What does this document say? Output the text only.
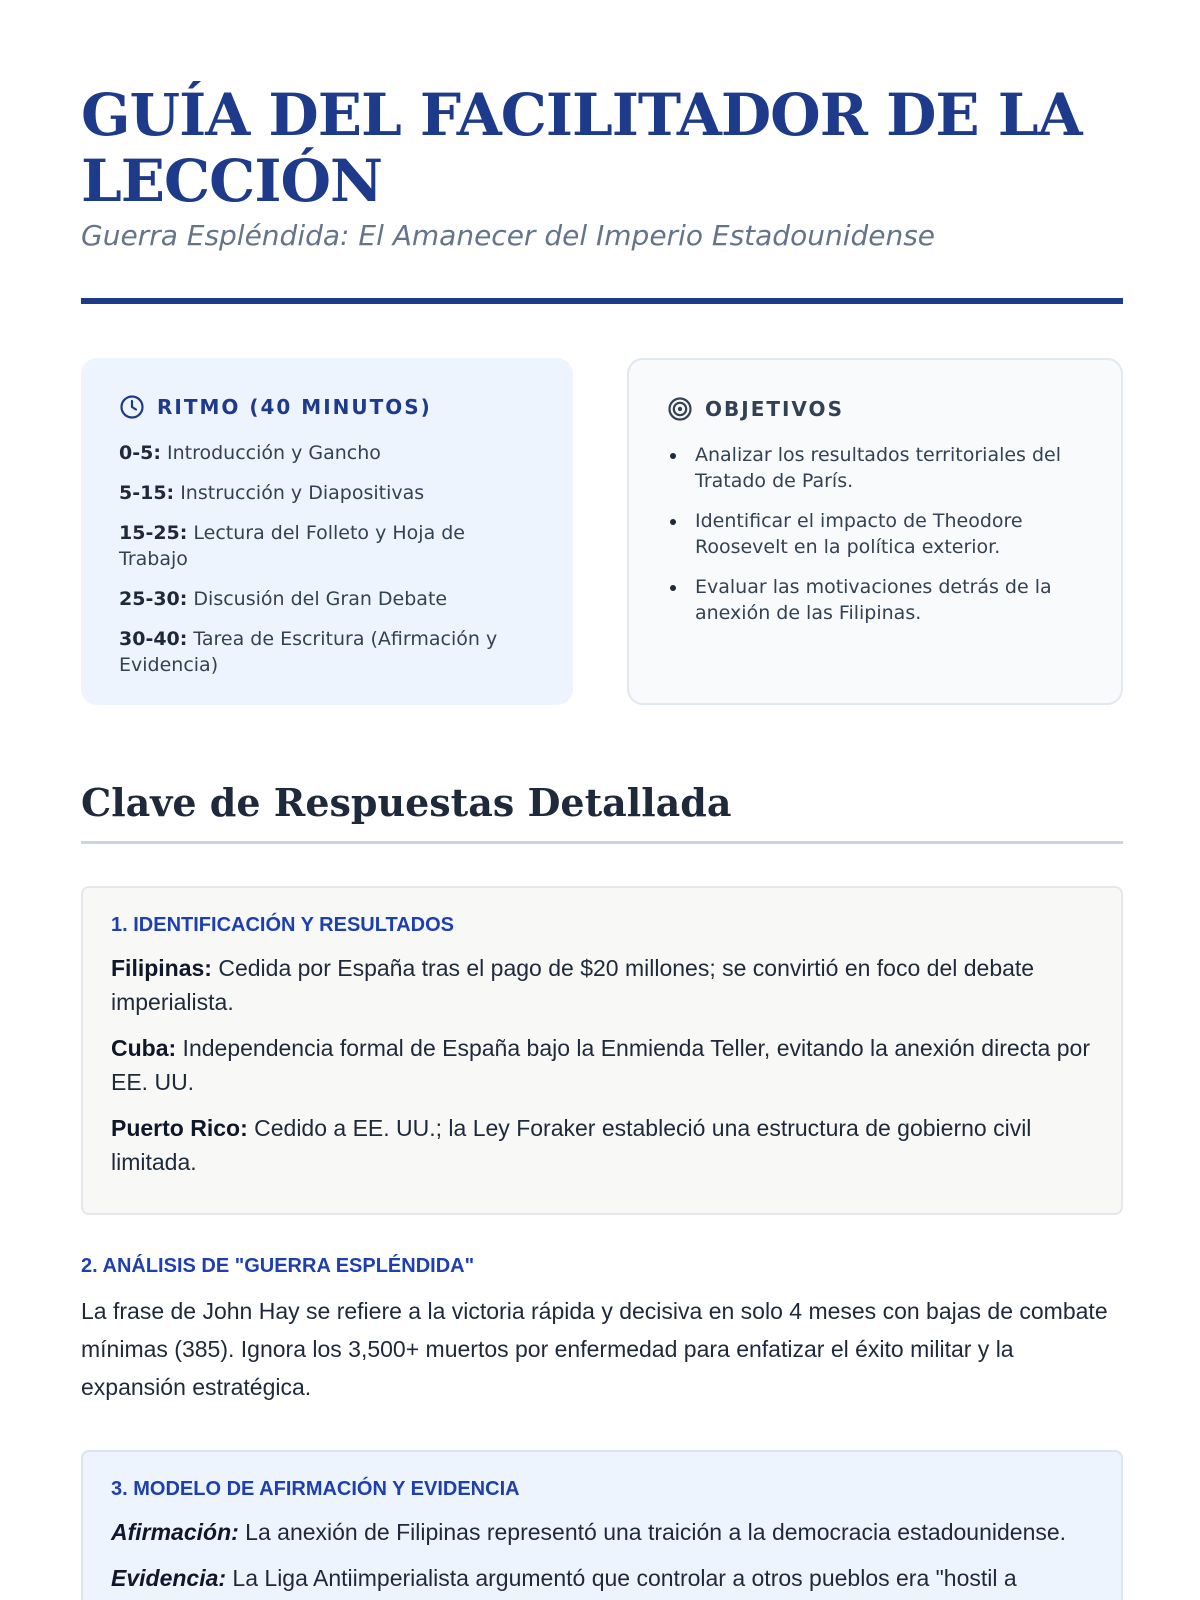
GUÍA DEL FACILITADOR DE LA LECCIÓN
Guerra Espléndida: El Amanecer del Imperio Estadounidense
RITMO (40 MINUTOS)
0-5: Introducción y Gancho
5-15: Instrucción y Diapositivas
15-25: Lectura del Folleto y Hoja de Trabajo
25-30: Discusión del Gran Debate
30-40: Tarea de Escritura (Afirmación y Evidencia)
OBJETIVOS
Analizar los resultados territoriales del Tratado de París.
Identificar el impacto de Theodore Roosevelt en la política exterior.
Evaluar las motivaciones detrás de la anexión de las Filipinas.
Clave de Respuestas Detallada
1. IDENTIFICACIÓN Y RESULTADOS

Filipinas: Cedida por España tras el pago de $20 millones; se convirtió en foco del debate imperialista.

Cuba: Independencia formal de España bajo la Enmienda Teller, evitando la anexión directa por EE. UU.

Puerto Rico: Cedido a EE. UU.; la Ley Foraker estableció una estructura de gobierno civil limitada.

2. ANÁLISIS DE "GUERRA ESPLÉNDIDA"
La frase de John Hay se refiere a la victoria rápida y decisiva en solo 4 meses con bajas de combate mínimas (385). Ignora los 3,500+ muertos por enfermedad para enfatizar el éxito militar y la expansión estratégica.
3. MODELO DE AFIRMACIÓN Y EVIDENCIA

Afirmación: La anexión de Filipinas representó una traición a la democracia estadounidense.

Evidencia: La Liga Antiimperialista argumentó que controlar a otros pueblos era "hostil a
